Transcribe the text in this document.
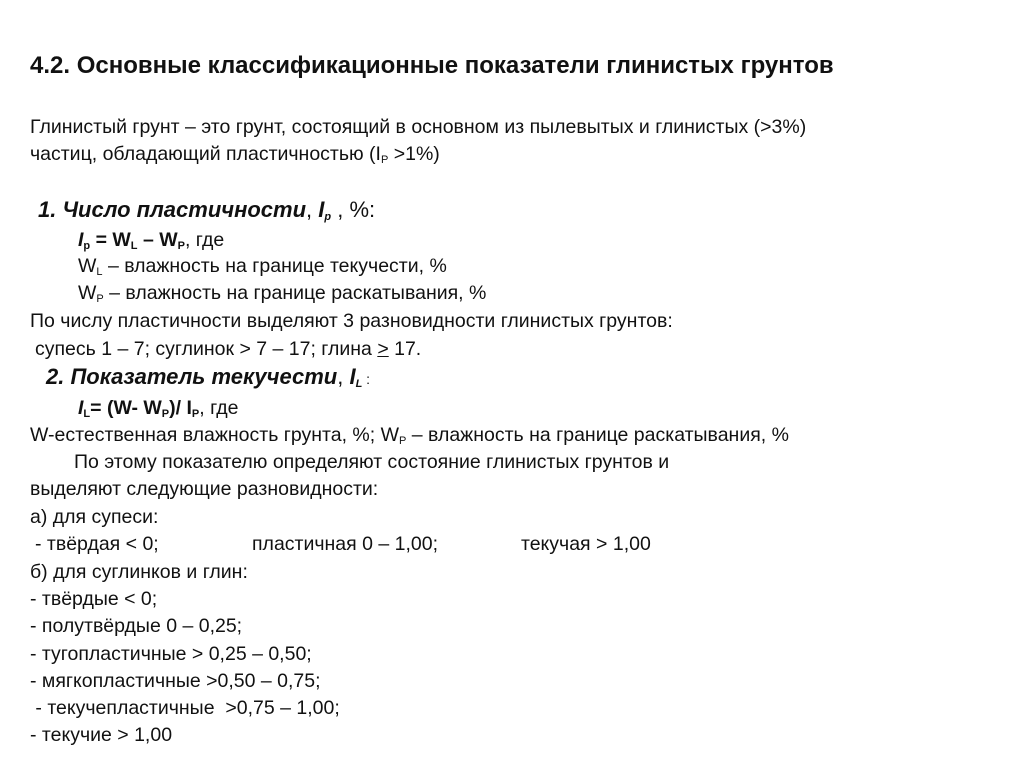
4.2. Основные классификационные показатели глинистых грунтов
Глинистый грунт – это грунт, состоящий в основном из пылевытых и глинистых (>3%)
частиц, обладающий пластичностью $(I_P >1\%)$
1. Число пластичности, $I_p$ , %:
$I_p = W_L - W_P$, где
$W_L$ – влажность на границе текучести, %
$W_P$ – влажность на границе раскатывания, %
По числу пластичности выделяют 3 разновидности глинистых грунтов:
супесь 1 – 7; суглинок > 7 – 17; глина > 17.
2. Показатель текучести, $I_L$ :
$I_L= (W-$ $W_P)/$ $I_P$, где
W-естественная влажность грунта, %; $W_P$ – влажность на границе раскатывания, %
По этому показателю определяют состояние глинистых грунтов и
выделяют следующие разновидности:
а) для супеси:
- твёрдая < 0;	пластичная 0 – 1,00;	текучая > 1,00
б) для суглинков и глин:
- твёрдые < 0;
- полутвёрдые 0 – 0,25;
- тугопластичные > 0,25 – 0,50;
- мягкопластичные >0,50 – 0,75;
- текучепластичные  >0,75 – 1,00;
- текучие > 1,00
